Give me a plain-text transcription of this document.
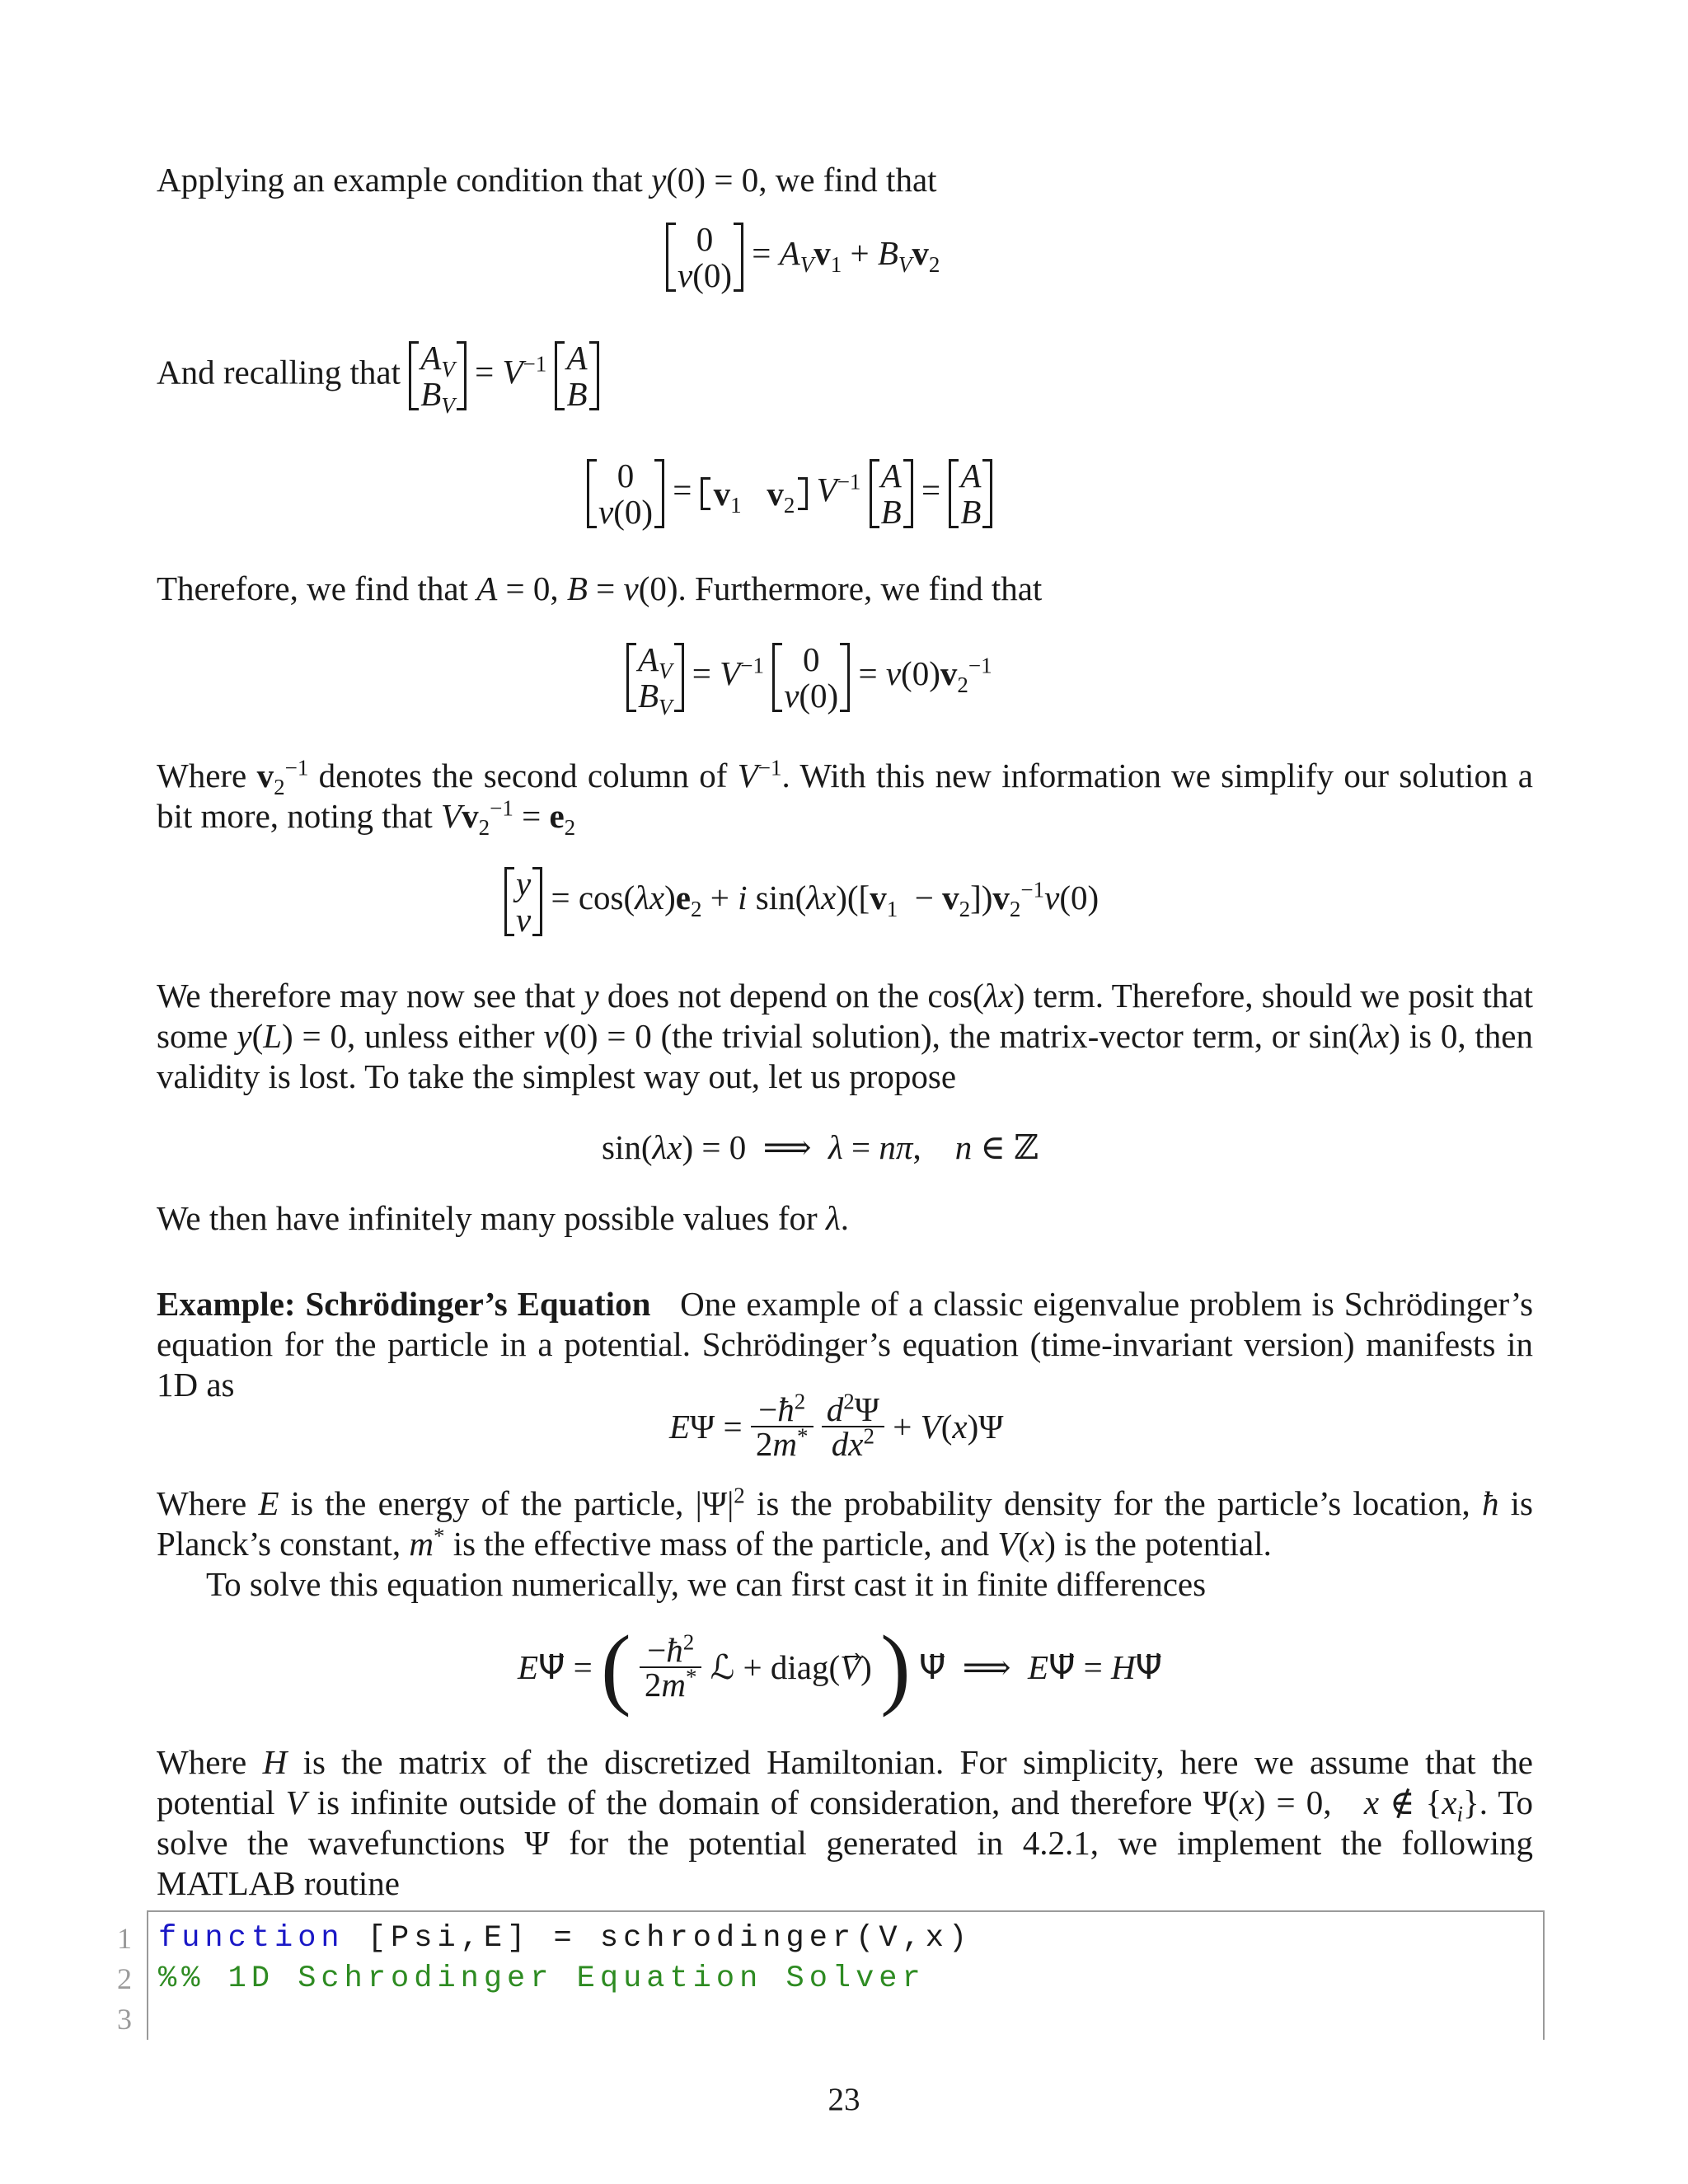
Applying an example condition that y(0) = 0, we find that
0
v(0)
= $A_Vv_1 + B_Vv_2$
And recalling that $A_V$
$B_V$
= $V^{-1}$ A
B
0
v(0)
= $v_1$ $v_2$ $V^{-1}$ A
B
= A
B
Therefore, we find that A = 0, B = v(0). Furthermore, we find that
$A_V$
$B_V$
= $V^{-1}$	0
v(0)
= $v(0)v_2^{-1}$
Where $v_2^{-1}$ denotes the second column of $V^{-1}$. With this new information we simplify our solution a bit more, noting that $Vv_2^{-1} = e_2$
y
v
= $\cos(\lambda x)e_2 + i$ $\sin(\lambda x)([v_1 - v_2])v_2^{-1}v(0)$
We therefore may now see that y does not depend on the cos(λx) term. Therefore, should we posit that some y(L) = 0, unless either v(0) = 0 (the trivial solution), the matrix-vector term, or sin(λx) is 0, then validity is lost. To take the simplest way out, let us propose
sin(λx) = 0  ⟹  λ = nπ,    n ∈ ℤ
We then have infinitely many possible values for λ.
Example: Schrödinger’s Equation One example of a classic eigenvalue problem is Schrödinger’s equation for the particle in a potential. Schrödinger’s equation (time-invariant version) manifests in 1D as
$E\Psi = \frac{-ħ^2}{2m^*}$
$\frac{d^2\Psi}{dx^2} + V(x)\Psi$
Where E is the energy of the particle, $|\Psi|^2$ is the probability density for the particle’s location, ħ is Planck’s constant, m* is the effective mass of the particle, and V(x) is the potential.
To solve this equation numerically, we can first cast it in finite differences
EΨ⃗ = ( $\frac{-ħ^2}{2m^*}$ ℒ + diag(V⃗) ) Ψ⃗  ⟹  EΨ⃗ = HΨ⃗
Where H is the matrix of the discretized Hamiltonian. For simplicity, here we assume that the potential V is infinite outside of the domain of consideration, and therefore Ψ(x) = 0,   x ∉ $\{x_i\}$. To solve the wavefunctions Ψ for the potential generated in 4.2.1, we implement the following MATLAB routine
1
2
3
function [Psi,E] = schrodinger(V,x)
%% 1D Schrodinger Equation Solver
23
